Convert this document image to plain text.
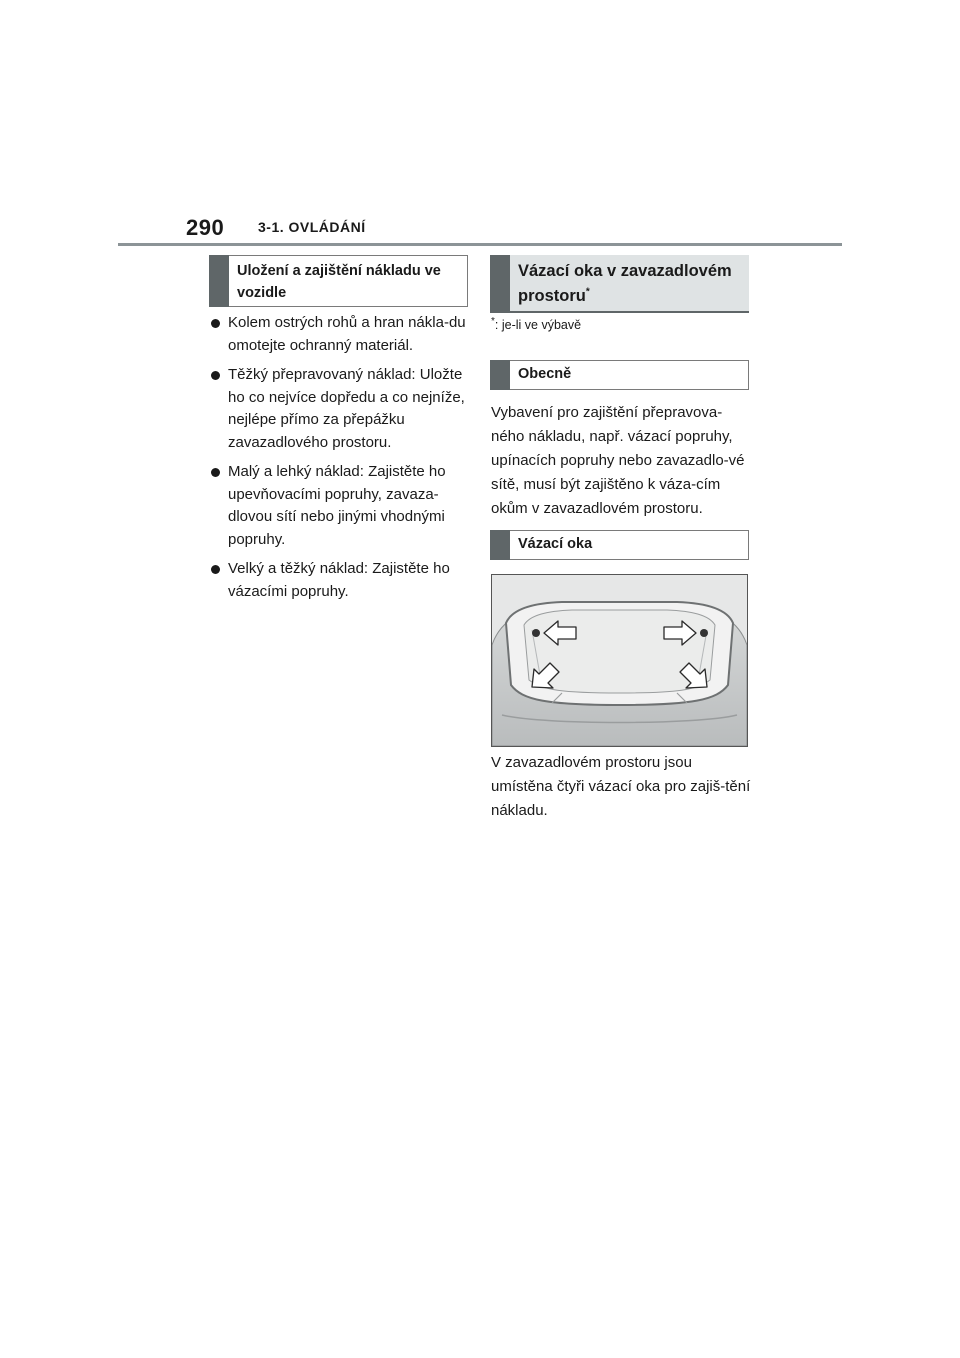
290 3-1. OVLÁDÁNÍ
Uložení a zajištění nákladu ve vozidle
Kolem ostrých rohů a hran nákla-du omotejte ochranný materiál.
Těžký přepravovaný náklad: Uložte ho co nejvíce dopředu a co nejníže, nejlépe přímo za přepážku zavazadlového prostoru.
Malý a lehký náklad: Zajistěte ho upevňovacími popruhy, zavaza-dlovou sítí nebo jinými vhodnými popruhy.
Velký a těžký náklad: Zajistěte ho vázacími popruhy.
Vázací oka v zavazadlovém prostoru*
*: je-li ve výbavě
Obecně

Vybavení pro zajištění přepravova-ného nákladu, např. vázací popruhy, upínacích popruhy nebo zavazadlo-vé sítě, musí být zajištěno k váza-cím okům v zavazadlovém prostoru.

Vázací oka

V zavazadlovém prostoru jsou umístěna čtyři vázací oka pro zajiš-tění nákladu.
